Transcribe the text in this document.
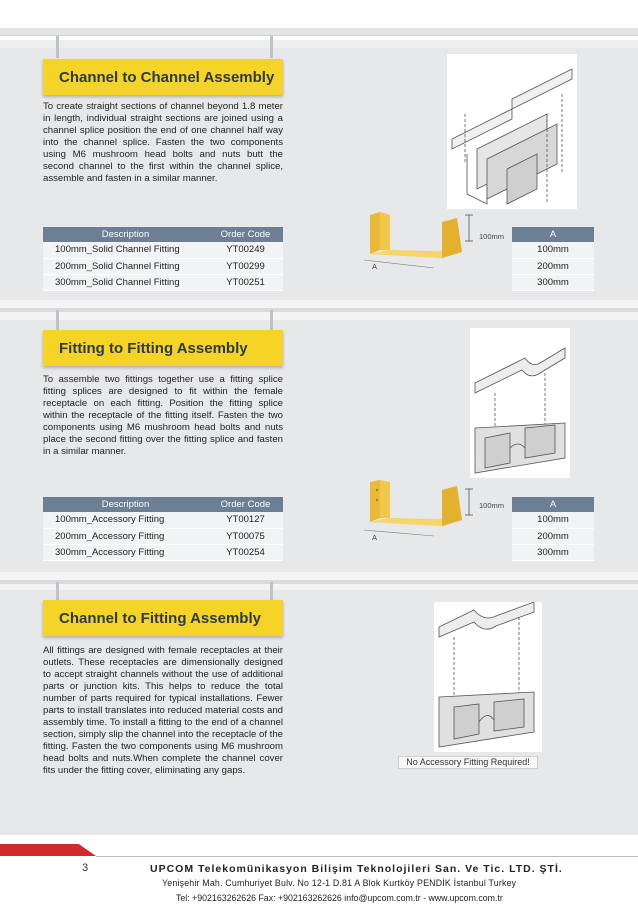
Channel to Channel Assembly
To create straight sections of channel beyond 1.8 meter in length, individual straight sections are joined using a channel splice position the end of one channel half way into the channel splice. Fasten the two components using M6 mushroom head bolts and nuts butt the second channel to the first within the channel splice, assemble and fasten in a similar manner.
100mm
A
Description	Order Code
100mm_Solid Channel Fitting	YT00249
200mm_Solid Channel Fitting	YT00299
300mm_Solid Channel Fitting	YT00251
A
100mm
200mm
300mm
Fitting to Fitting Assembly
To assemble two fittings together use a fitting splice fitting splices are designed to fit within the female receptacle on each fitting. Position the fitting splice within the receptacle of the fitting itself. Fasten the two components using M6 mushroom head bolts and nuts place the second fitting over the fitting splice and fasten in a similar manner.
100mm
A
Description	Order Code
100mm_Accessory Fitting	YT00127
200mm_Accessory Fitting	YT00075
300mm_Accessory Fitting	YT00254
A
100mm
200mm
300mm
Channel to Fitting Assembly
All fittings are designed with female receptacles at their outlets. These receptacles are dimensionally designed to accept straight channels without the use of additional parts or junction kits. This helps to reduce the total number of parts required for typical installations. Fewer parts to install translates into reduced material costs and assembly time. To install a fitting to the end of a channel section, simply slip the channel into the receptacle of the fitting. Fasten the two components using M6 mushroom head bolts and nuts.When complete the channel cover fits under the fitting cover, eliminating any gaps.
No Accessory Fitting Required!
3	UPCOM Telekomünikasyon Bilişim Teknolojileri San. Ve Tic. LTD. ŞTİ.
Yenişehir Mah. Cumhuriyet Bulv. No 12-1 D.81 A Blok Kurtköy PENDİK İstanbul Turkey
Tel: +902163262626 Fax: +902163262626 info@upcom.com.tr - www.upcom.com.tr
